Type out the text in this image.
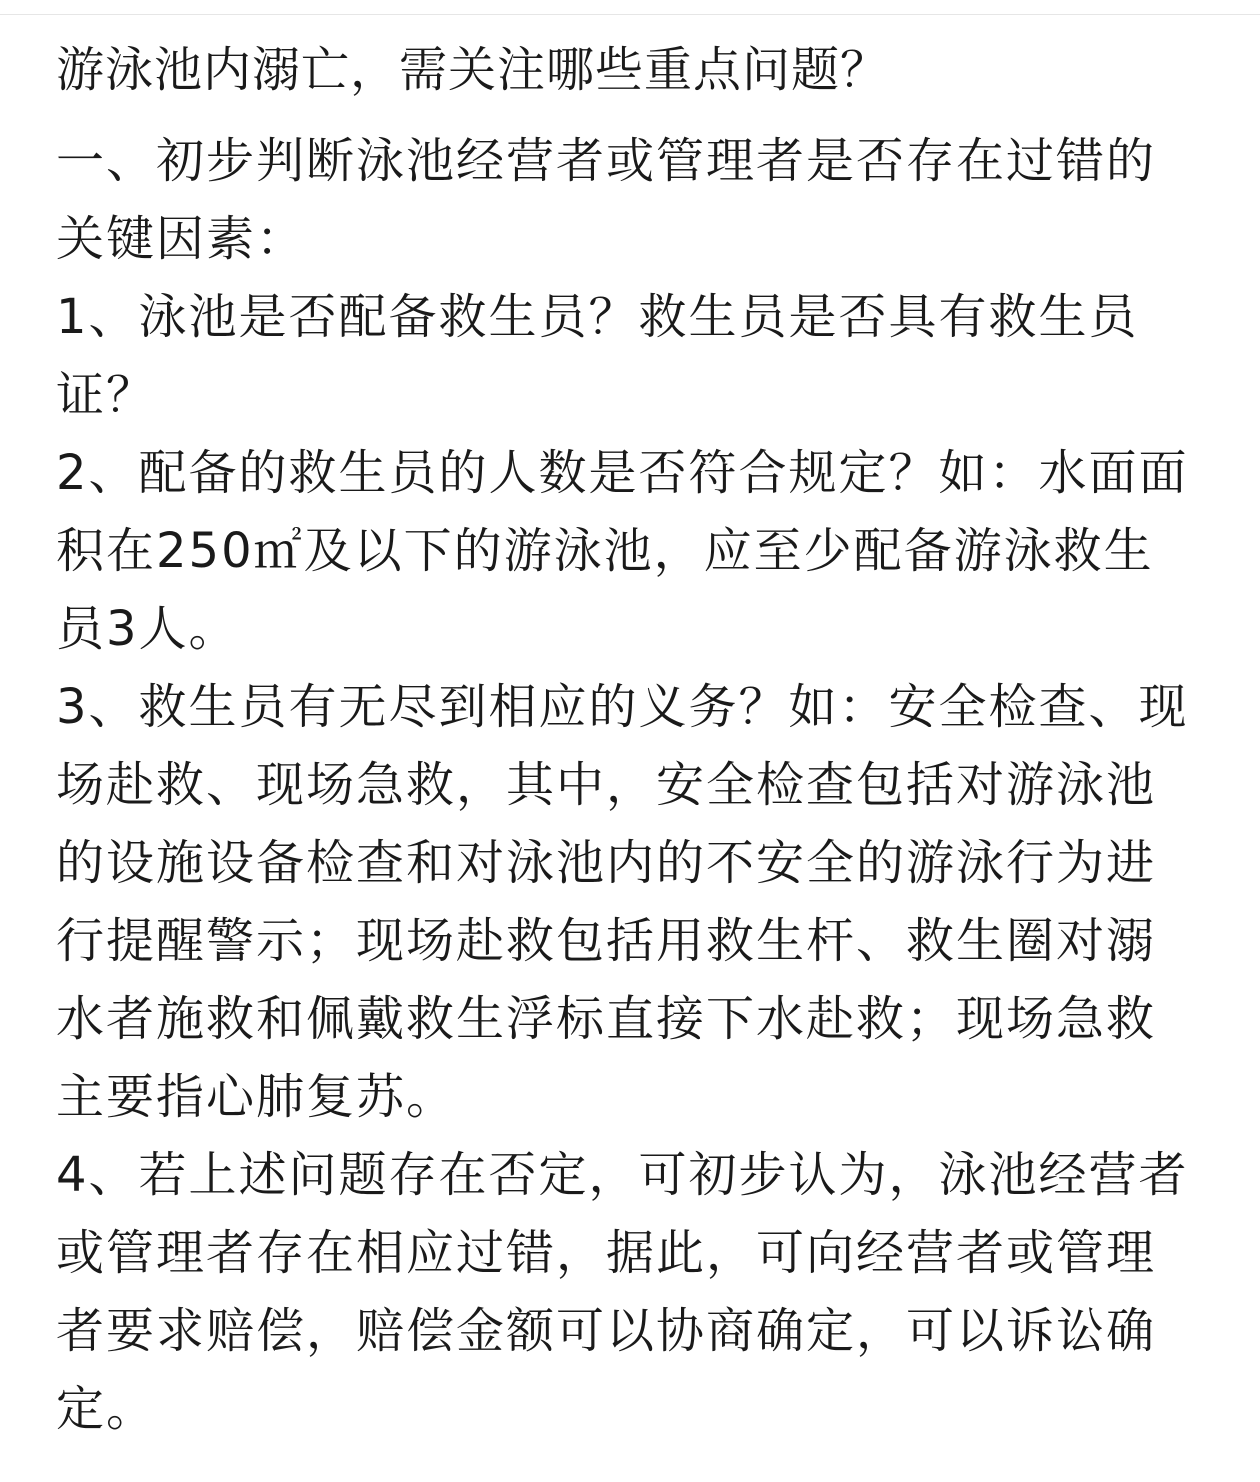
游泳池内溺亡，需关注哪些重点问题？

一、初步判断泳池经营者或管理者是否存在过错的关键因素：

1、泳池是否配备救生员？救生员是否具有救生员证？

2、配备的救生员的人数是否符合规定？如：水面面积在250㎡及以下的游泳池，应至少配备游泳救生员3人。

3、救生员有无尽到相应的义务？如：安全检查、现场赴救、现场急救，其中，安全检查包括对游泳池的设施设备检查和对泳池内的不安全的游泳行为进行提醒警示；现场赴救包括用救生杆、救生圈对溺水者施救和佩戴救生浮标直接下水赴救；现场急救主要指心肺复苏。

4、若上述问题存在否定，可初步认为，泳池经营者或管理者存在相应过错，据此，可向经营者或管理者要求赔偿，赔偿金额可以协商确定，可以诉讼确定。
